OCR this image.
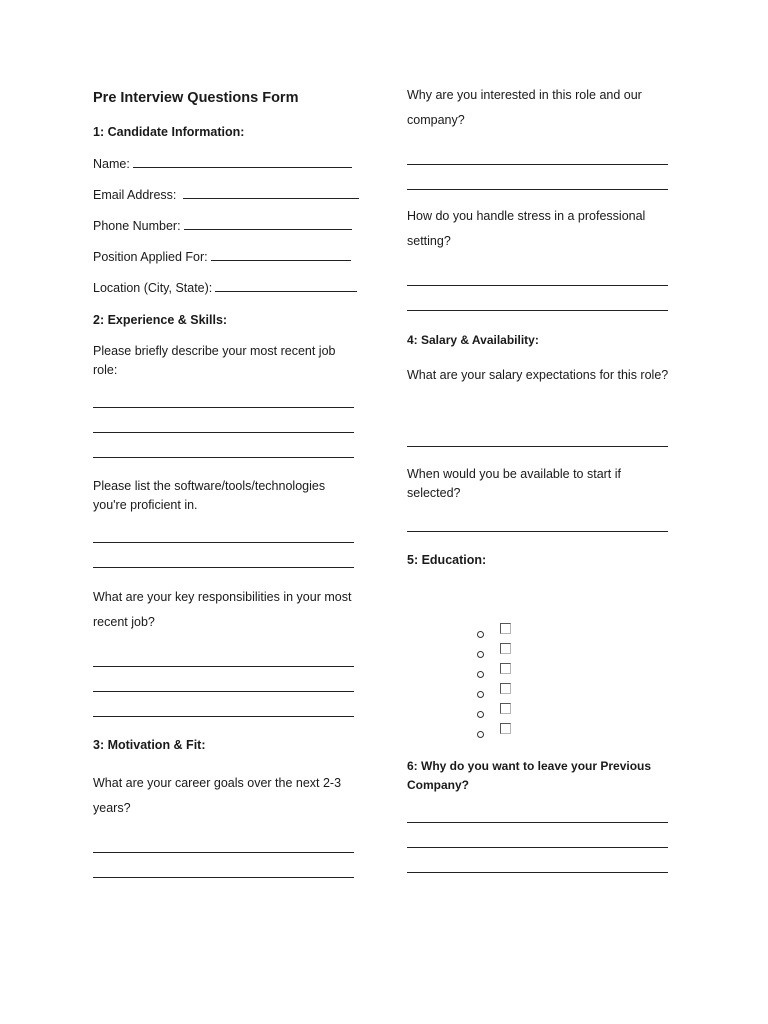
Pre Interview Questions Form
1: Candidate Information:
Name:
Email Address:
Phone Number:
Position Applied For:
Location (City, State):
2: Experience & Skills:

Please briefly describe your most recent job role:

Please list the software/tools/technologies you're proficient in.

What are your key responsibilities in your most recent job?

3: Motivation & Fit:

What are your career goals over the next 2-3 years?

Why are you interested in this role and our company?

How do you handle stress in a professional setting?

4: Salary & Availability:

What are your salary expectations for this role?

When would you be available to start if selected?

5: Education:
6: Why do you want to leave your Previous Company?
